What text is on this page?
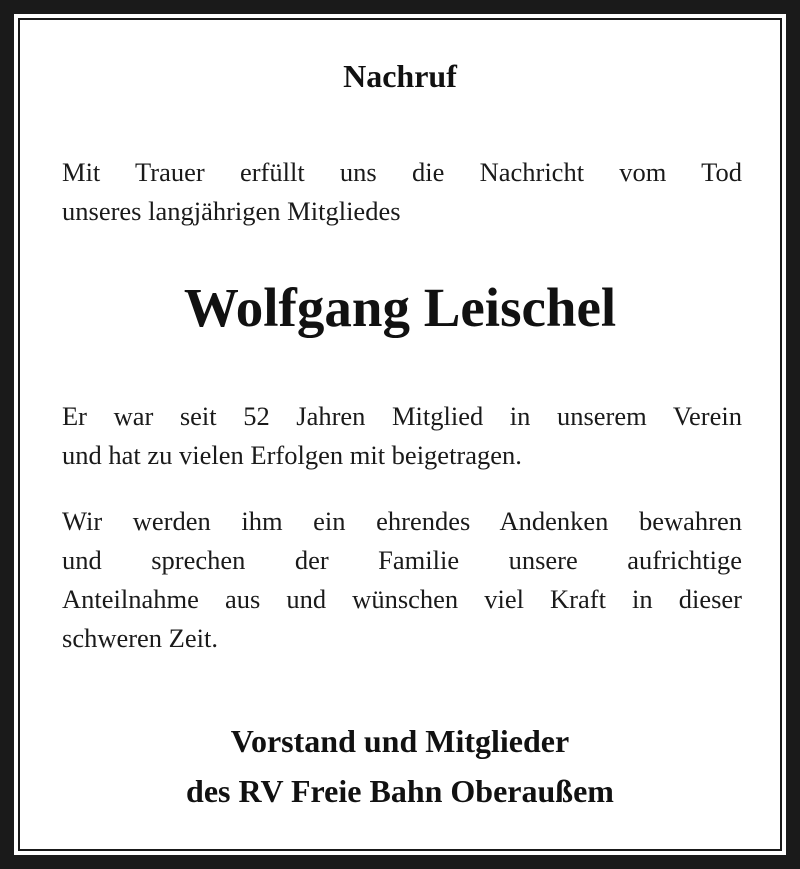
Nachruf

Mit Trauer erfüllt uns die Nachricht vom Tod
unseres langjährigen Mitgliedes

Wolfgang Leischel

Er war seit 52 Jahren Mitglied in unserem Verein
und hat zu vielen Erfolgen mit beigetragen.

Wir werden ihm ein ehrendes Andenken bewahren
und sprechen der Familie unsere aufrichtige
Anteilnahme aus und wünschen viel Kraft in dieser
schweren Zeit.

Vorstand und Mitglieder

des RV Freie Bahn Oberaußem
